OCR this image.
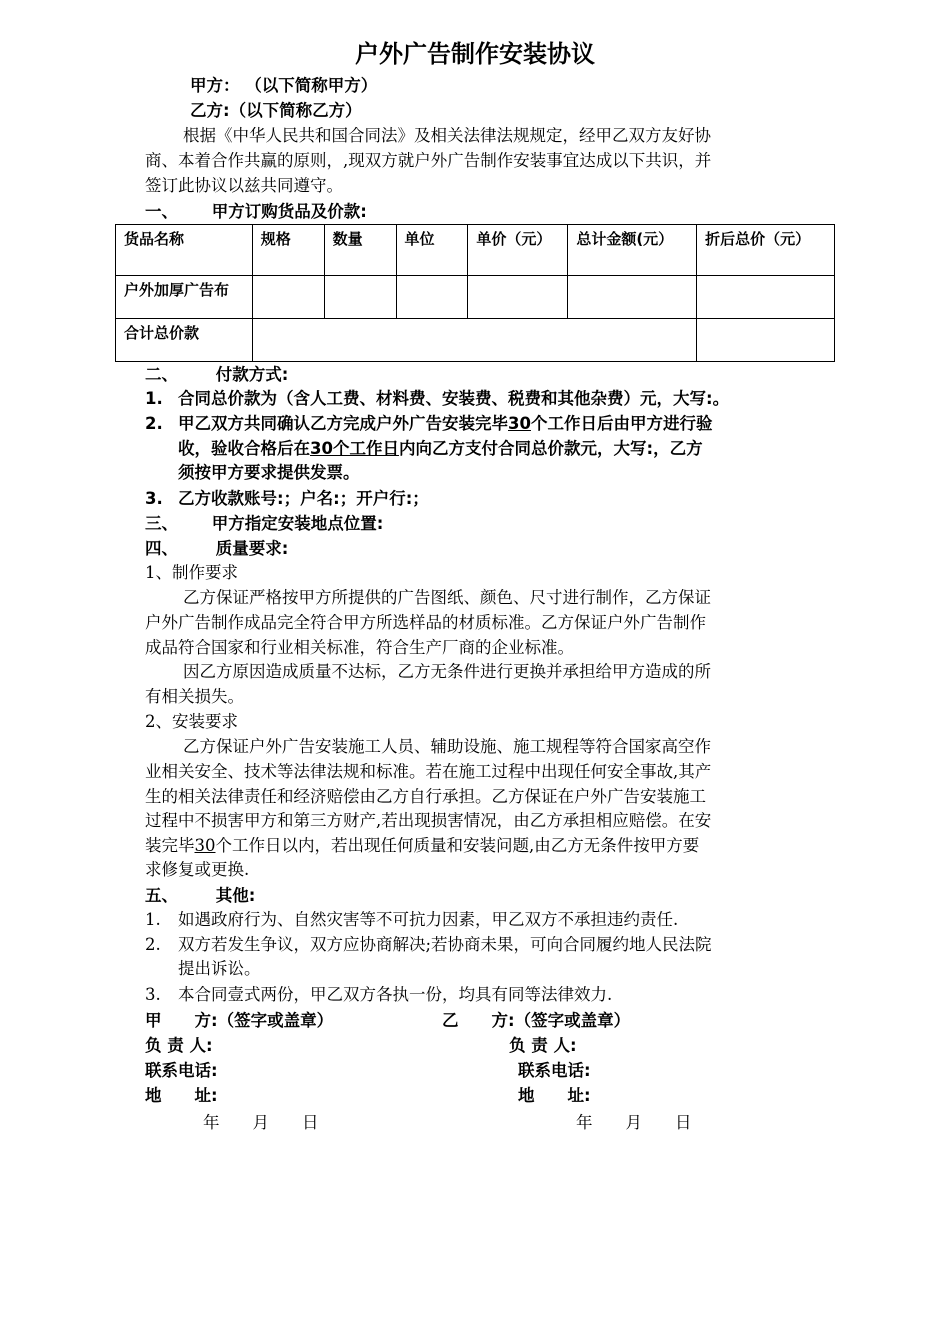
户外广告制作安装协议
甲方： （以下简称甲方）
乙方:（以下简称乙方）
根据《中华人民共和国合同法》及相关法律法规规定，经甲乙双方友好协
商、本着合作共赢的原则，,现双方就户外广告制作安装事宜达成以下共识，并
签订此协议以兹共同遵守。
一、 甲方订购货品及价款:
货品名称	规格	数量	单位	单价（元）	总计金额(元）	折后总价（元）
户外加厚广告布						
合计总价款						
二、 付款方式:
1. 合同总价款为（含人工费、材料费、安装费、税费和其他杂费）元，大写:。
2. 甲乙双方共同确认乙方完成户外广告安装完毕30个工作日后由甲方进行验
收，验收合格后在30个工作日内向乙方支付合同总价款元，大写:，乙方
须按甲方要求提供发票。
3. 乙方收款账号:；户名:；开户行:；
三、 甲方指定安装地点位置:
四、 质量要求:
1、制作要求
乙方保证严格按甲方所提供的广告图纸、颜色、尺寸进行制作，乙方保证
户外广告制作成品完全符合甲方所选样品的材质标准。乙方保证户外广告制作
成品符合国家和行业相关标准，符合生产厂商的企业标准。
因乙方原因造成质量不达标，乙方无条件进行更换并承担给甲方造成的所
有相关损失。
2、安装要求
乙方保证户外广告安装施工人员、辅助设施、施工规程等符合国家高空作
业相关安全、技术等法律法规和标准。若在施工过程中出现任何安全事故,其产
生的相关法律责任和经济赔偿由乙方自行承担。乙方保证在户外广告安装施工
过程中不损害甲方和第三方财产,若出现损害情况，由乙方承担相应赔偿。在安
装完毕30个工作日以内，若出现任何质量和安装问题,由乙方无条件按甲方要
求修复或更换.
五、 其他:
1. 如遇政府行为、自然灾害等不可抗力因素，甲乙双方不承担违约责任.
2. 双方若发生争议，双方应协商解决;若协商未果，可向合同履约地人民法院
提出诉讼。
3. 本合同壹式两份，甲乙双方各执一份，均具有同等法律效力.
甲　　方:（签字或盖章）	乙　　方:（签字或盖章）
负 责 人:	负 责 人:
联系电话:	联系电话:
地　　址:	地　　址:
年　　月　　日	年　　月　　日
